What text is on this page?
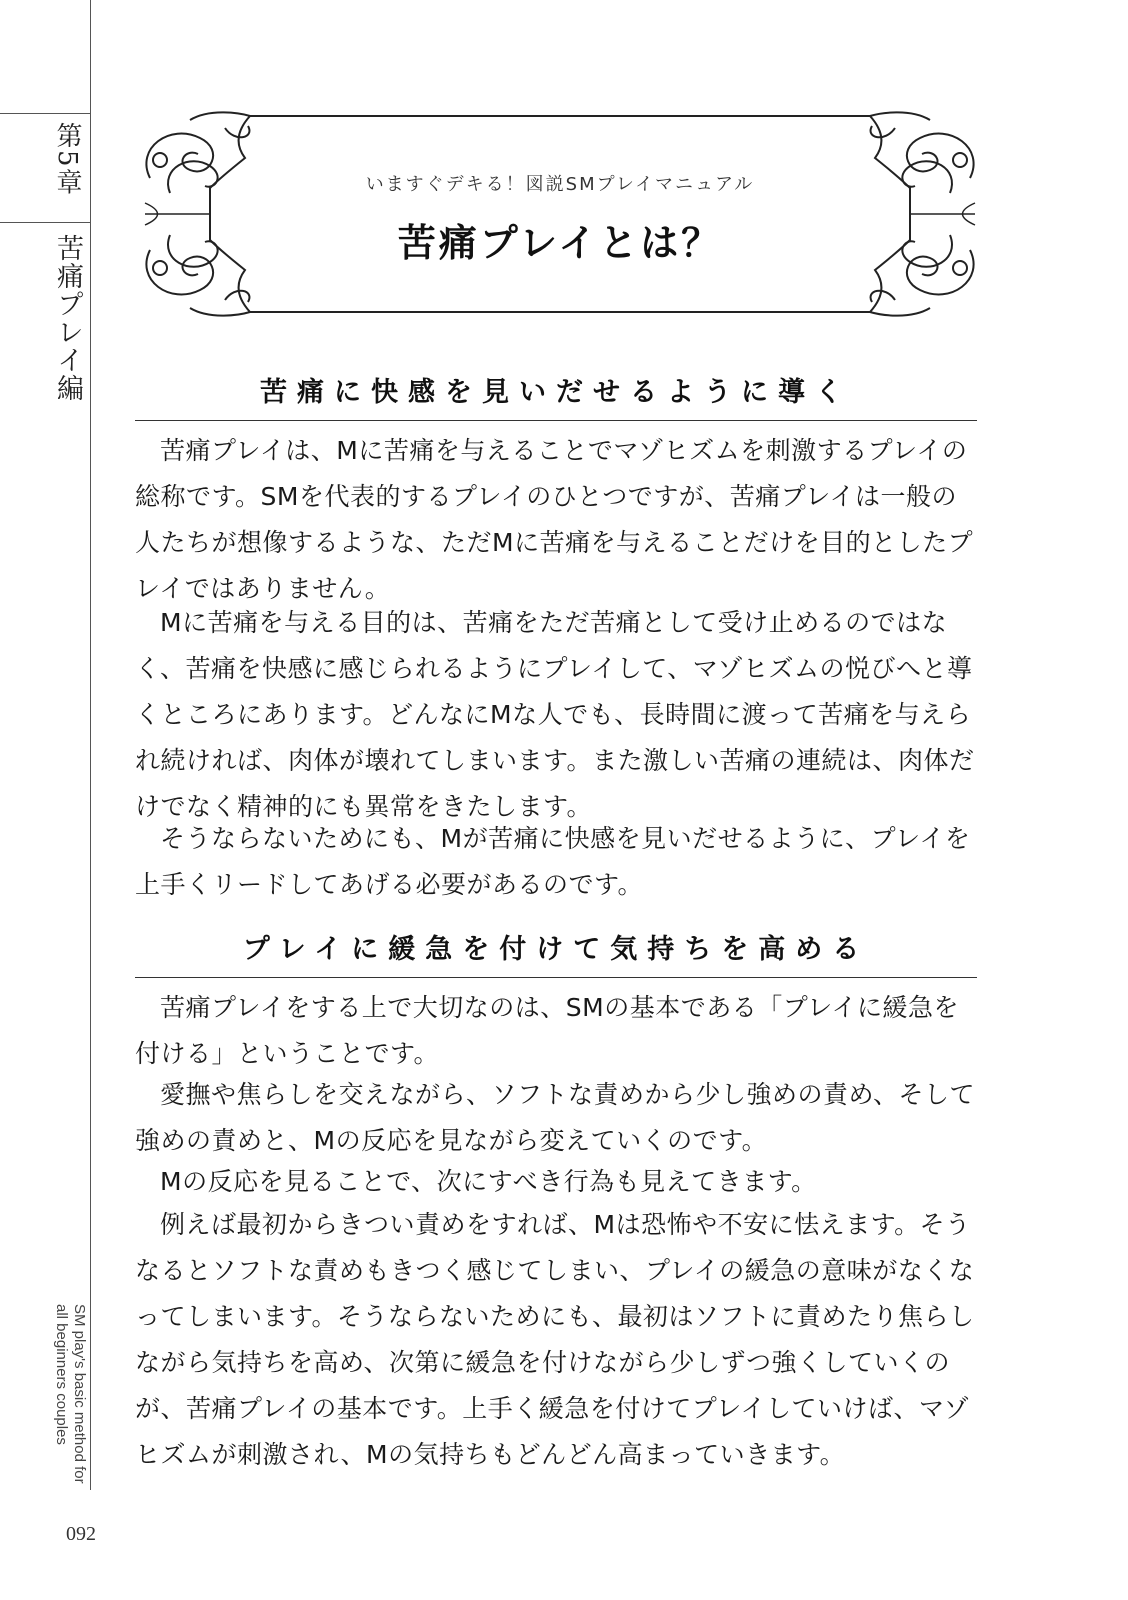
第5章
苦痛プレイ編
SM play's basic method for all beginners couples
092
いますぐデキる！図説SMプレイマニュアル
苦痛プレイとは？
苦痛に快感を見いだせるように導く

苦痛プレイは、Mに苦痛を与えることでマゾヒズムを刺激するプレイの総称です。SMを代表的するプレイのひとつですが、苦痛プレイは一般の人たちが想像するような、ただMに苦痛を与えることだけを目的としたプレイではありません。

Mに苦痛を与える目的は、苦痛をただ苦痛として受け止めるのではなく、苦痛を快感に感じられるようにプレイして、マゾヒズムの悦びへと導くところにあります。どんなにMな人でも、長時間に渡って苦痛を与えられ続ければ、肉体が壊れてしまいます。また激しい苦痛の連続は、肉体だけでなく精神的にも異常をきたします。

そうならないためにも、Mが苦痛に快感を見いだせるように、プレイを上手くリードしてあげる必要があるのです。

プレイに緩急を付けて気持ちを高める

苦痛プレイをする上で大切なのは、SMの基本である「プレイに緩急を付ける」ということです。

愛撫や焦らしを交えながら、ソフトな責めから少し強めの責め、そして強めの責めと、Mの反応を見ながら変えていくのです。

Mの反応を見ることで、次にすべき行為も見えてきます。

例えば最初からきつい責めをすれば、Mは恐怖や不安に怯えます。そうなるとソフトな責めもきつく感じてしまい、プレイの緩急の意味がなくなってしまいます。そうならないためにも、最初はソフトに責めたり焦らしながら気持ちを高め、次第に緩急を付けながら少しずつ強くしていくのが、苦痛プレイの基本です。上手く緩急を付けてプレイしていけば、マゾヒズムが刺激され、Mの気持ちもどんどん高まっていきます。
